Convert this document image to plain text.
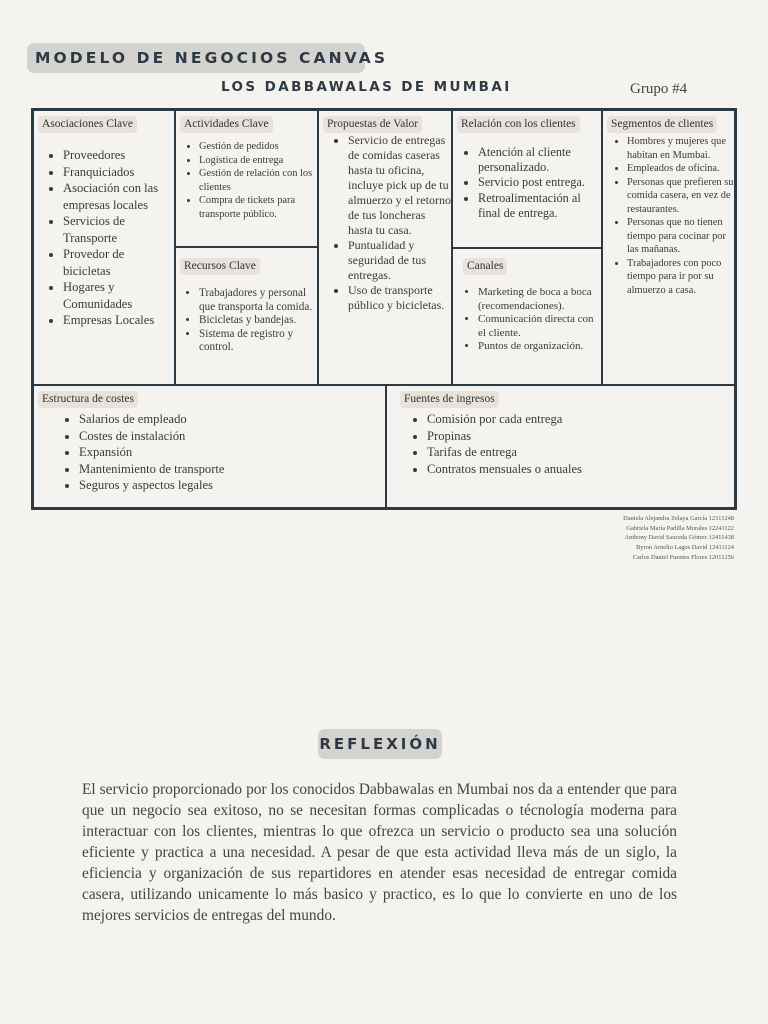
MODELO DE NEGOCIOS CANVAS
LOS DABBAWALAS DE MUMBAI	Grupo #4
Asociaciones Clave
• Proveedores
• Franquiciados
• Asociación con las empresas locales
• Servicios de Transporte
• Provedor de bicicletas
• Hogares y Comunidades
• Empresas Locales
Actividades Clave
• Gestión de pedidos
• Logística de entrega
• Gestión de relación con los clientes
• Compra de tickets para transporte público.
Recursos Clave
• Trabajadores y personal que transporta la comida.
• Bicicletas y bandejas.
• Sistema de registro y control.
Propuestas de Valor
• Servicio de entregas de comidas caseras hasta tu oficina, incluye pick up de tu almuerzo y el retorno de tus loncheras hasta tu casa.
• Puntualidad y seguridad de tus entregas.
• Uso de transporte público y bicicletas.
Relación con los clientes
• Atención al cliente personalizado.
• Servicio post entrega.
• Retroalimentación al final de entrega.
Canales
• Marketing de boca a boca (recomendaciones).
• Comunicación directa con el cliente.
• Puntos de organización.
Segmentos de clientes
• Hombres y mujeres que habitan en Mumbai.
• Empleados de oficina.
• Personas que prefieren su comida casera, en vez de restaurantes.
• Personas que no tienen tiempo para cocinar por las mañanas.
• Trabajadores con poco tiempo para ir por su almuerzo a casa.
Estructura de costes
• Salarios de empleado
• Costes de instalación
• Expansión
• Mantenimiento de transporte
• Seguros y aspectos legales
Fuentes de ingresos
• Comisión por cada entrega
• Propinas
• Tarifas de entrega
• Contratos mensuales o anuales
Daniela Alejandra Zelaya García 12311248
Gabriela María Padilla Morales 12241122
Anthony David Sauceda Gómez 12411438
Byron Arnelio Lagos David 12411124
Carlos Daniel Fuentes Flores 12011256
REFLEXIÓN

El servicio proporcionado por los conocidos Dabbawalas en Mumbai nos da a entender que para que un negocio sea exitoso, no se necesitan formas complicadas o técnología moderna para interactuar con los clientes, mientras lo que ofrezca un servicio o producto sea una solución eficiente y practica a una necesidad. A pesar de que esta actividad lleva más de un siglo, la eficiencia y organización de sus repartidores en atender esas necesidad de entregar comida casera, utilizando unicamente lo más basico y practico, es lo que lo convierte en uno de los mejores servicios de entregas del mundo.
